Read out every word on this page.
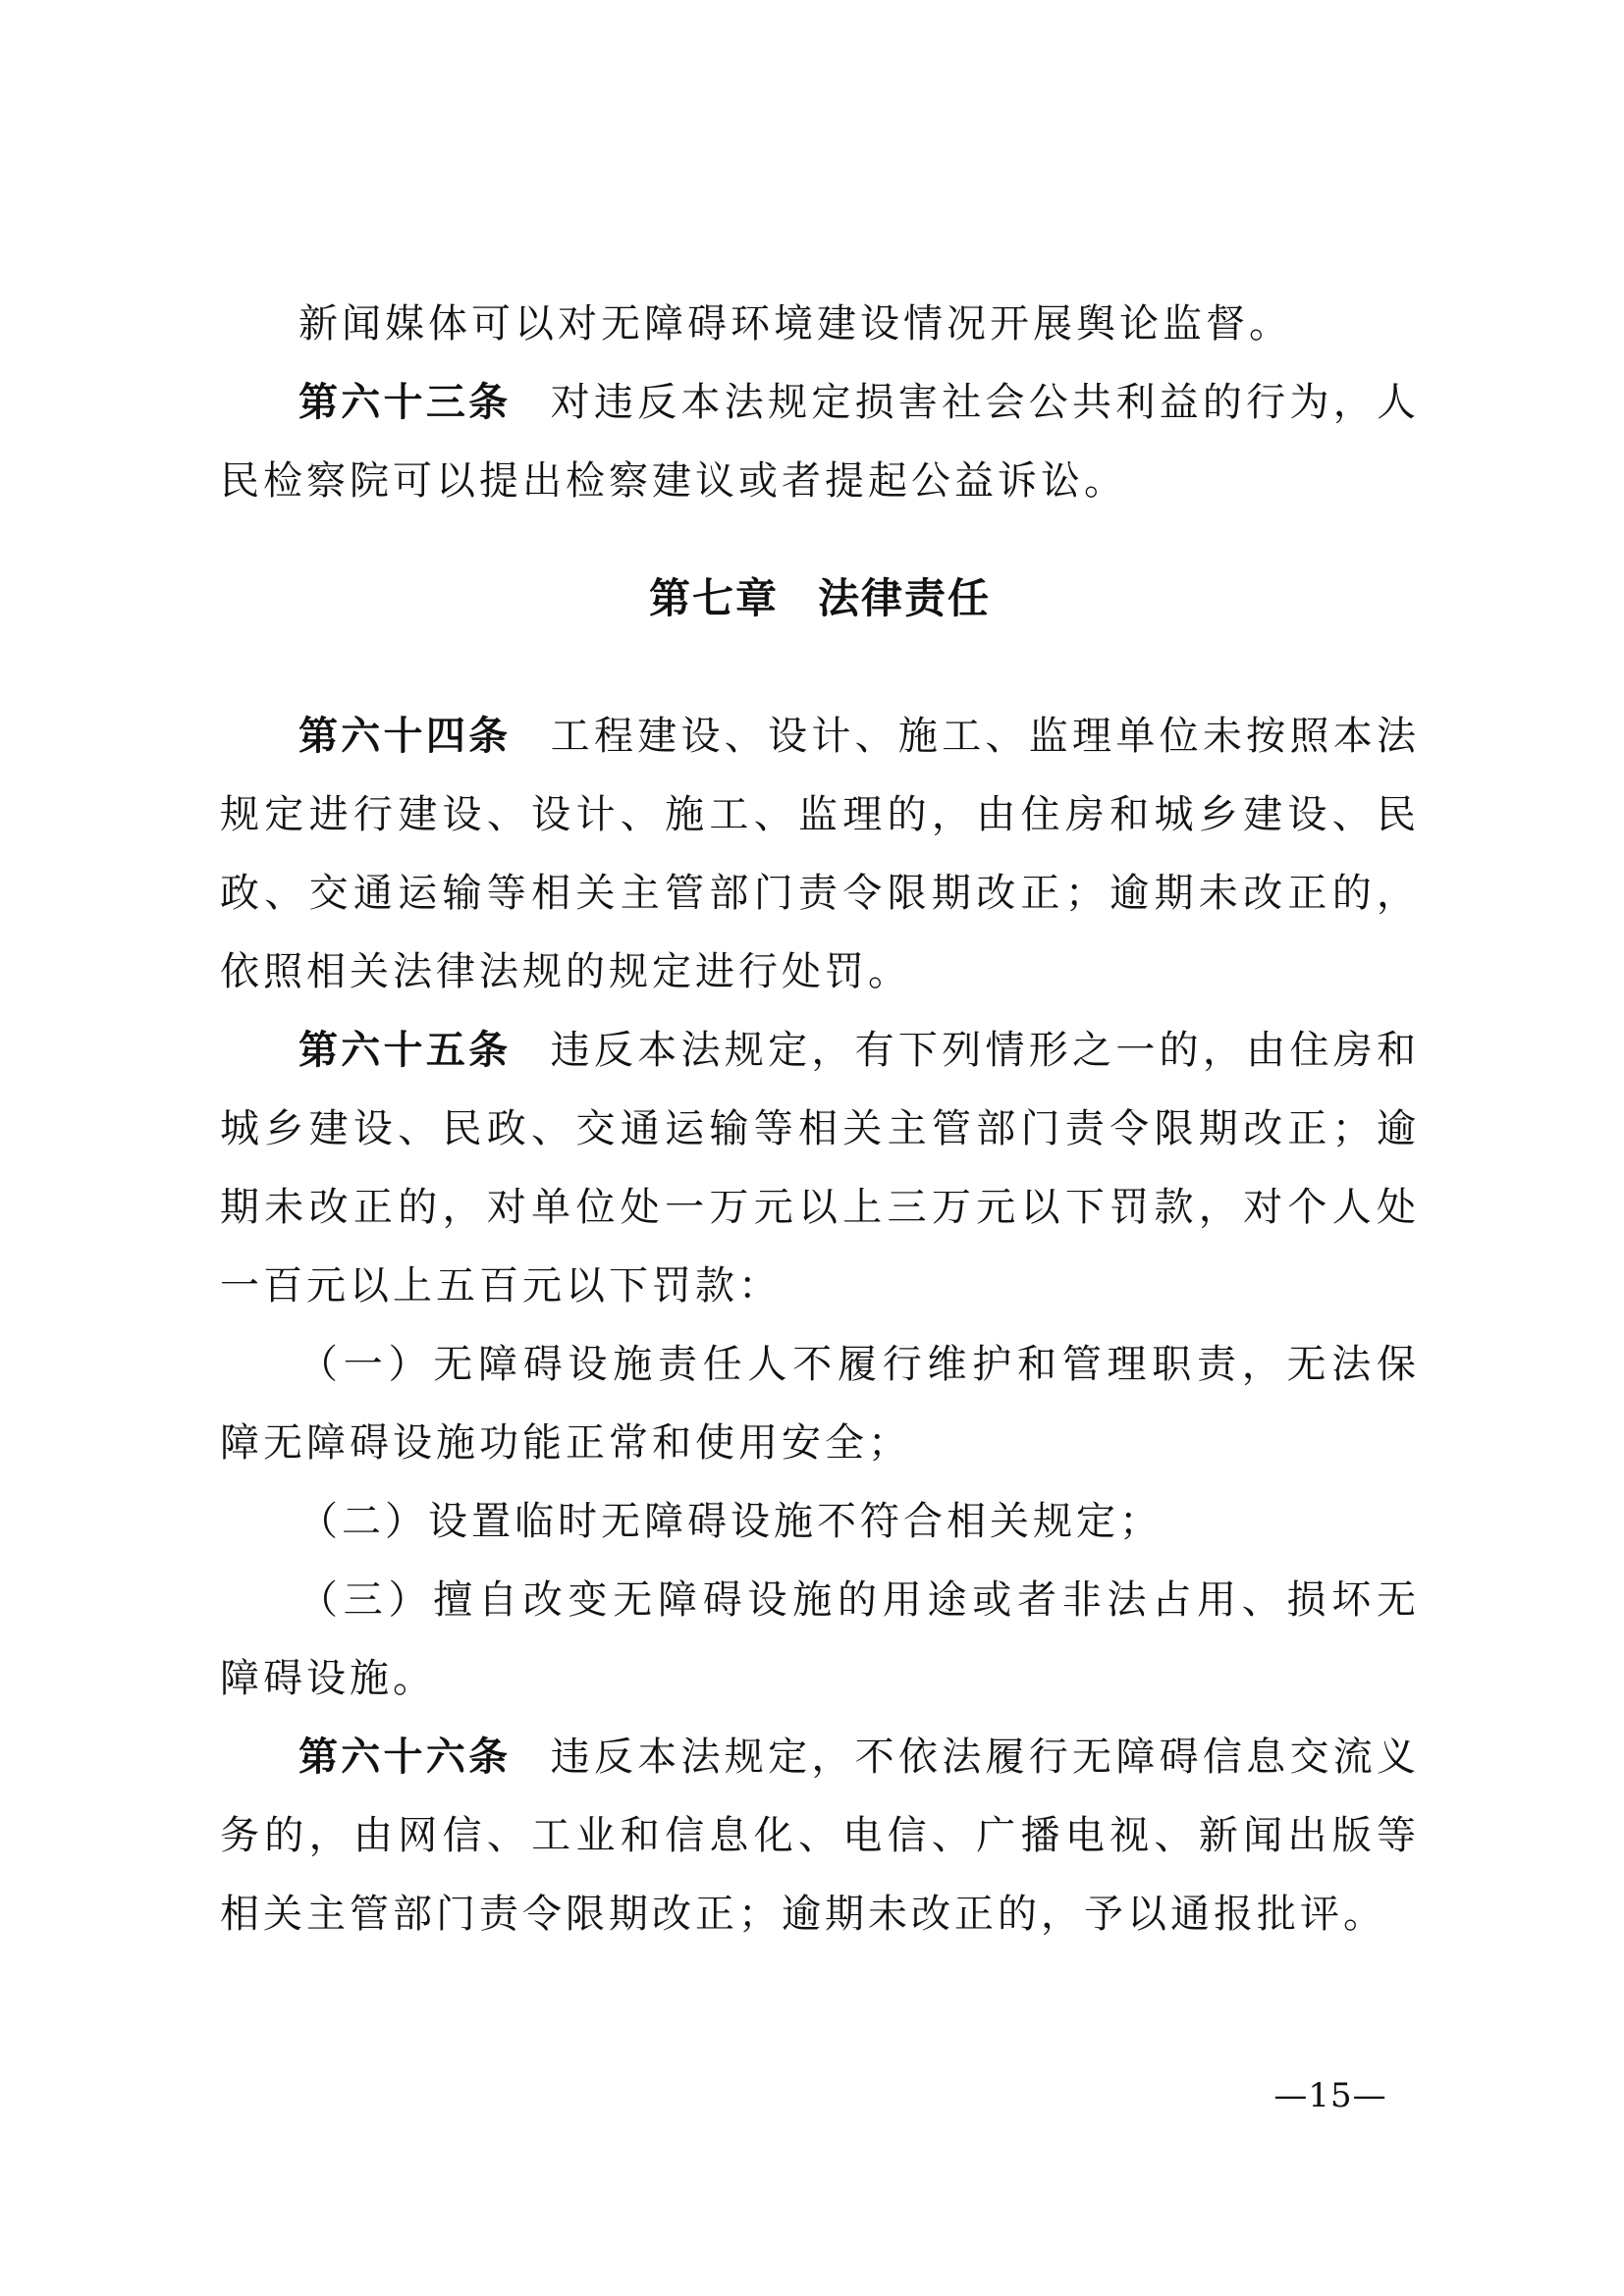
新闻媒体可以对无障碍环境建设情况开展舆论监督。

第六十三条 对违反本法规定损害社会公共利益的行为，人民检察院可以提出检察建议或者提起公益诉讼。

第七章 法律责任

第六十四条 工程建设、设计、施工、监理单位未按照本法规定进行建设、设计、施工、监理的，由住房和城乡建设、民政、交通运输等相关主管部门责令限期改正；逾期未改正的，依照相关法律法规的规定进行处罚。

第六十五条 违反本法规定，有下列情形之一的，由住房和城乡建设、民政、交通运输等相关主管部门责令限期改正；逾期未改正的，对单位处一万元以上三万元以下罚款，对个人处一百元以上五百元以下罚款：

（一）无障碍设施责任人不履行维护和管理职责，无法保障无障碍设施功能正常和使用安全；

（二）设置临时无障碍设施不符合相关规定；

（三）擅自改变无障碍设施的用途或者非法占用、损坏无障碍设施。

第六十六条 违反本法规定，不依法履行无障碍信息交流义务的，由网信、工业和信息化、电信、广播电视、新闻出版等相关主管部门责令限期改正；逾期未改正的，予以通报批评。

—15—
